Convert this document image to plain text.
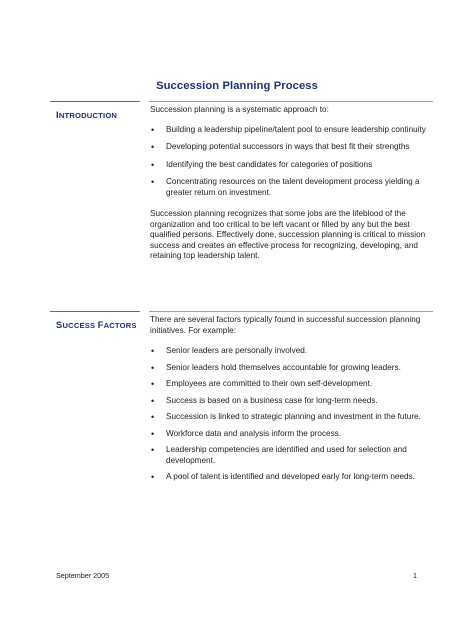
Succession Planning Process
INTRODUCTION

Succession planning is a systematic approach to:

• Building a leadership pipeline/talent pool to ensure leadership continuity
• Developing potential successors in ways that best fit their strengths
• Identifying the best candidates for categories of positions
• Concentrating resources on the talent development process yielding a greater return on investment.

Succession planning recognizes that some jobs are the lifeblood of the organization and too critical to be left vacant or filled by any but the best qualified persons. Effectively done, succession planning is critical to mission success and creates an effective process for recognizing, developing, and retaining top leadership talent.

SUCCESS FACTORS

There are several factors typically found in successful succession planning initiatives. For example:

• Senior leaders are personally involved.
• Senior leaders hold themselves accountable for growing leaders.
• Employees are committed to their own self-development.
• Success is based on a business case for long-term needs.
• Succession is linked to strategic planning and investment in the future.
• Workforce data and analysis inform the process.
• Leadership competencies are identified and used for selection and development.
• A pool of talent is identified and developed early for long-term needs.
September 2005	1
